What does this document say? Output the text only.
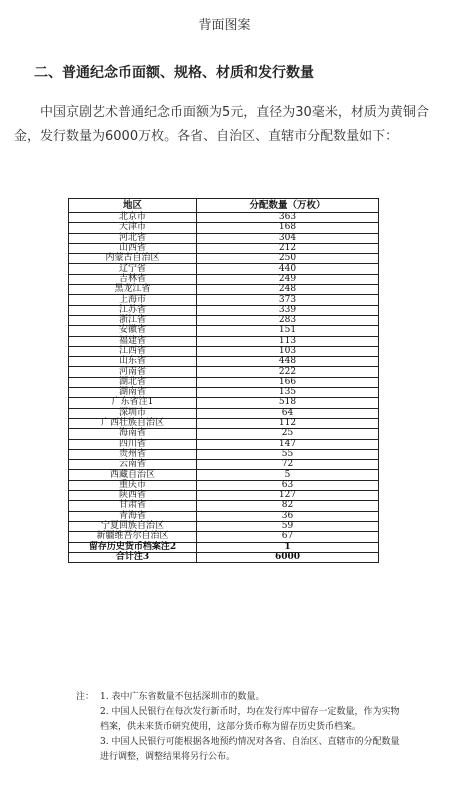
背面图案
二、普通纪念币面额、规格、材质和发行数量
中国京剧艺术普通纪念币面额为5元，直径为30毫米，材质为黄铜合金，发行数量为6000万枚。各省、自治区、直辖市分配数量如下：
地区	分配数量（万枚）
北京市	363
天津市	168
河北省	304
山西省	212
内蒙古自治区	250
辽宁省	440
吉林省	249
黑龙江省	248
上海市	373
江苏省	339
浙江省	283
安徽省	151
福建省	113
江西省	103
山东省	448
河南省	222
湖北省	166
湖南省	135
广东省注1	518
深圳市	64
广西壮族自治区	112
海南省	25
四川省	147
贵州省	55
云南省	72
西藏自治区	5
重庆市	63
陕西省	127
甘肃省	82
青海省	36
宁夏回族自治区	59
新疆维吾尔自治区	67
留存历史货币档案注2	1
合计注3	6000
注： 1. 表中广东省数量不包括深圳市的数量。
2. 中国人民银行在每次发行新币时，均在发行库中留存一定数量，作为实物档案，供未来货币研究使用，这部分货币称为留存历史货币档案。
3. 中国人民银行可能根据各地预约情况对各省、自治区、直辖市的分配数量进行调整，调整结果将另行公布。
